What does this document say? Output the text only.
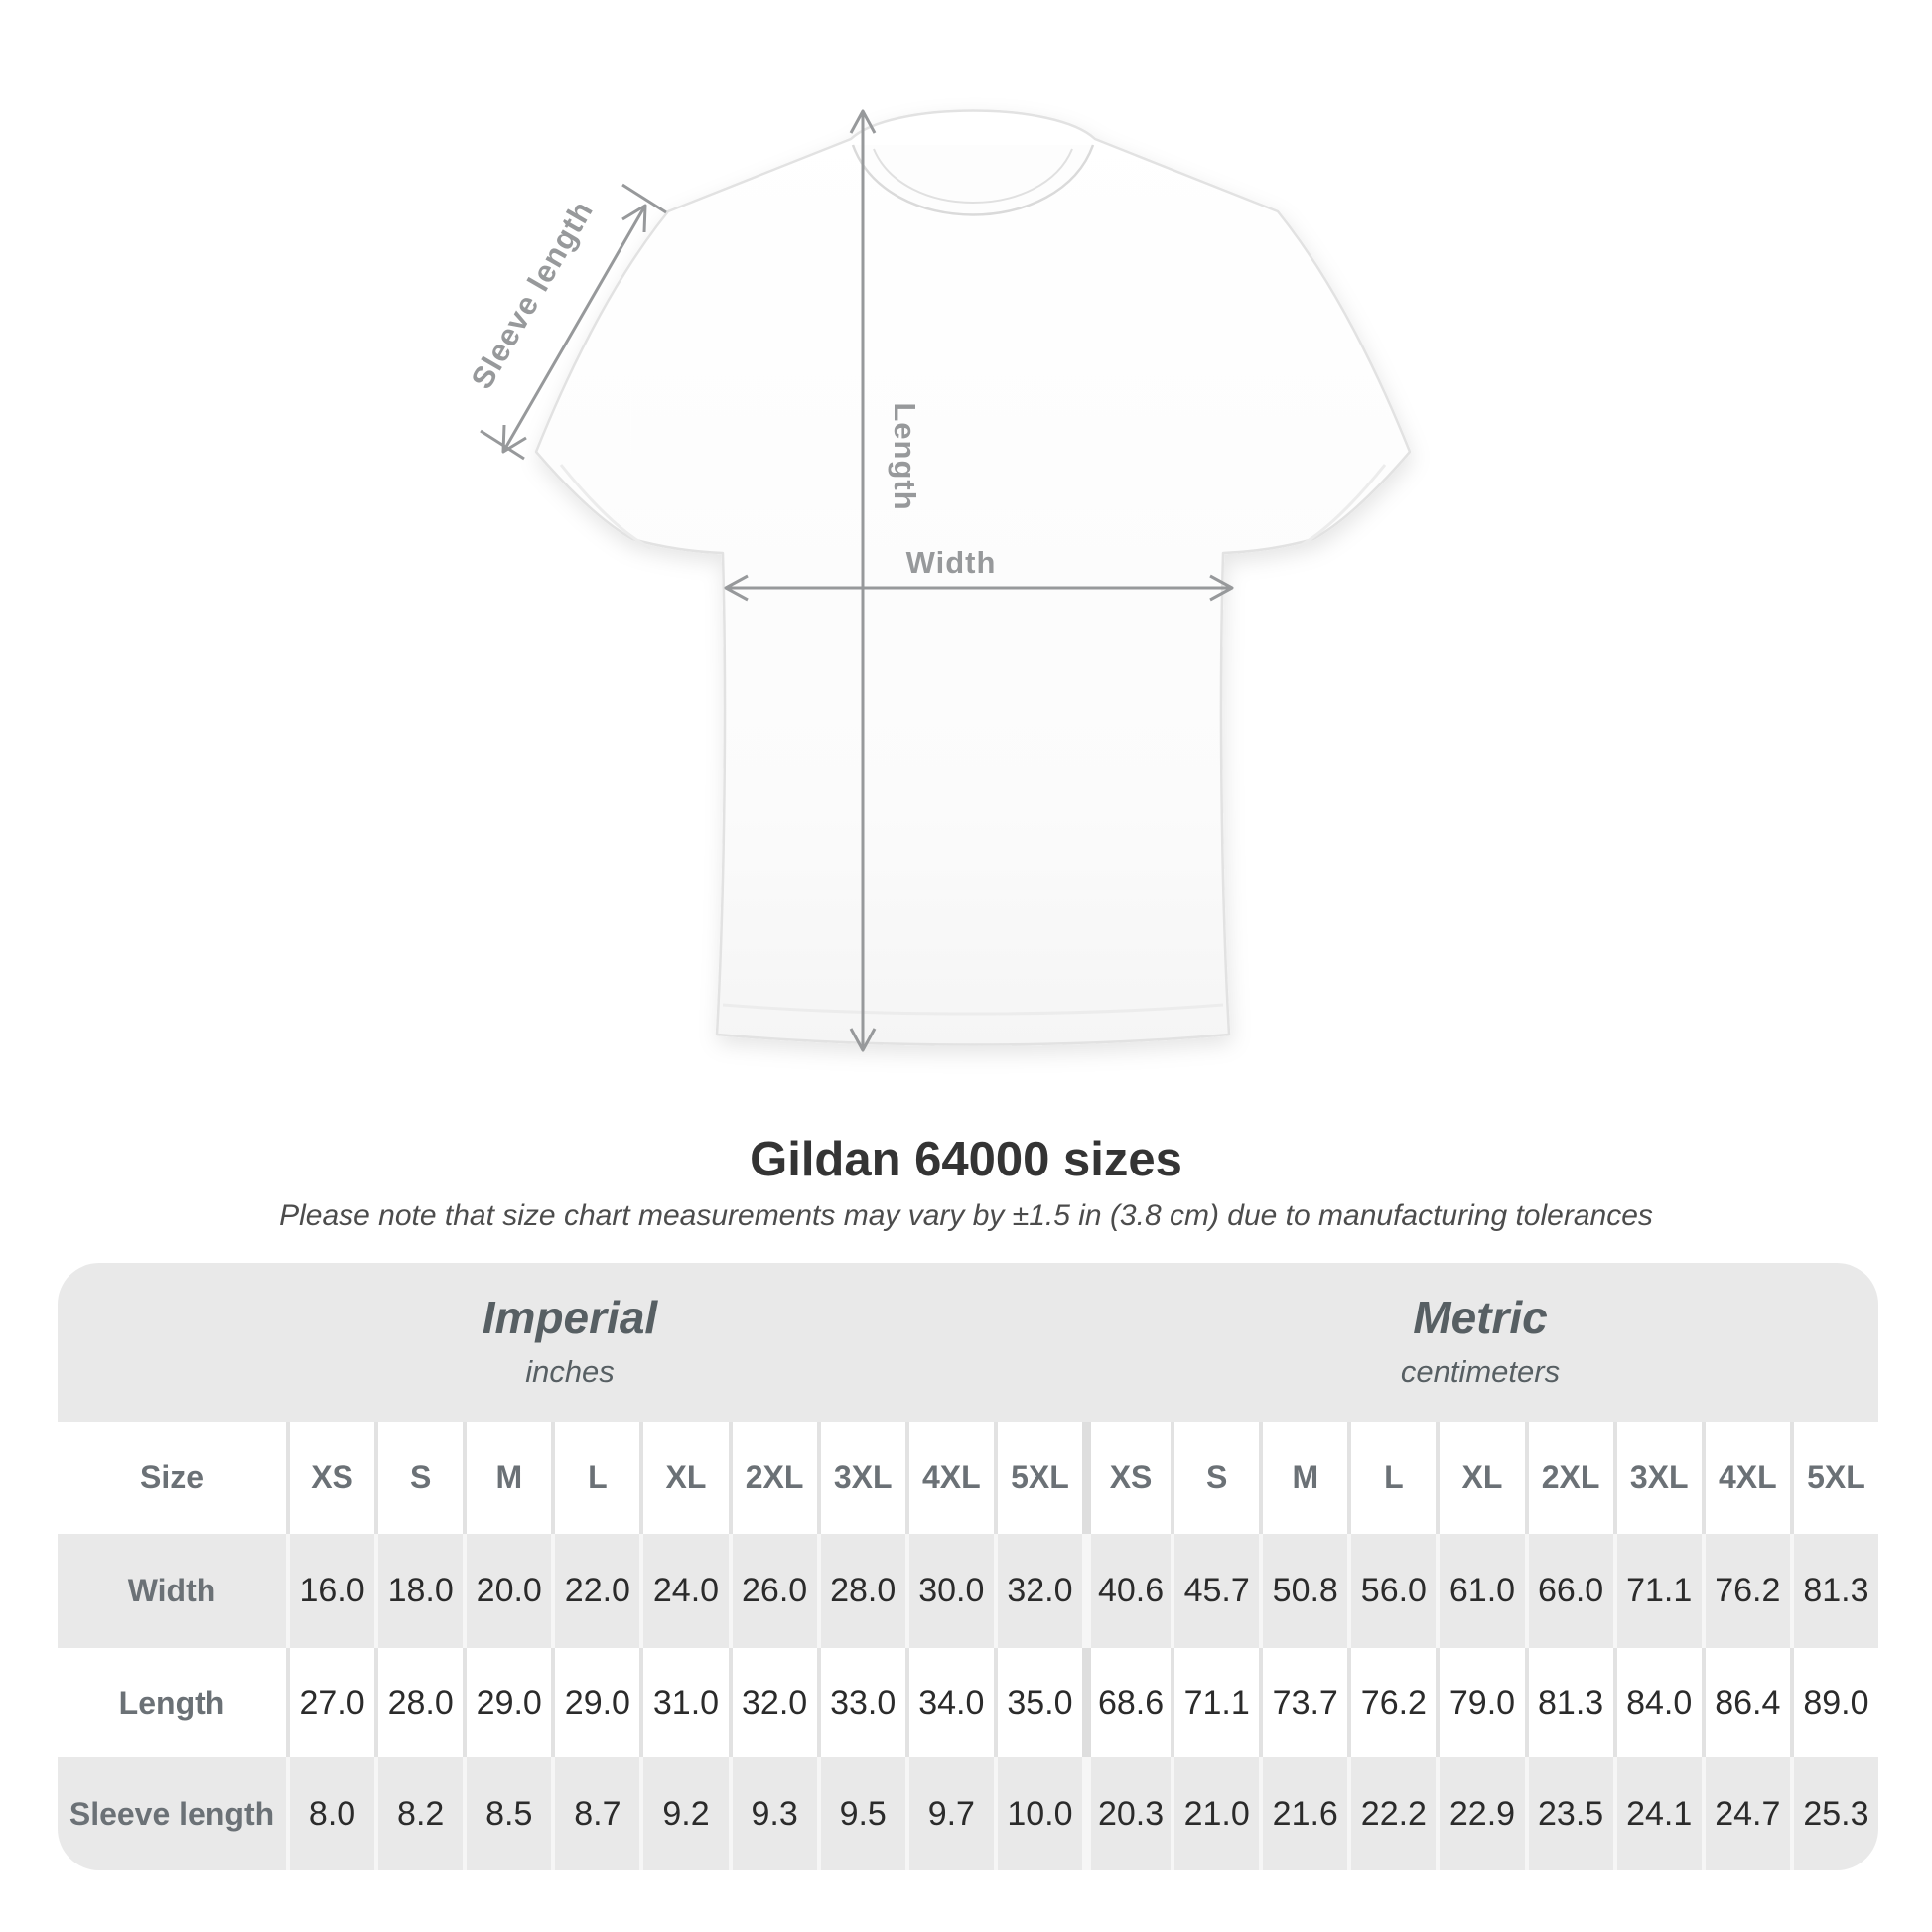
Sleeve length
Length
Width
Gildan 64000 sizes
Please note that size chart measurements may vary by ±1.5 in (3.8 cm) due to manufacturing tolerances
Imperial
inches
Metric
centimeters
Size	XS	S	M	L	XL	2XL 3XL 4XL 5XL	XS	S	M	L	XL	2XL 3XL 4XL 5XL
Width	16.0 18.0 20.0 22.0 24.0 26.0 28.0 30.0 32.0 40.6 45.7 50.8 56.0 61.0 66.0 71.1 76.2 81.3
Length	27.0 28.0 29.0 29.0 31.0 32.0 33.0 34.0 35.0 68.6 71.1 73.7 76.2 79.0 81.3 84.0 86.4 89.0
Sleeve length	8.0	8.2	8.5	8.7	9.2	9.3	9.5	9.7 10.0 20.3 21.0 21.6 22.2 22.9 23.5 24.1 24.7 25.3
